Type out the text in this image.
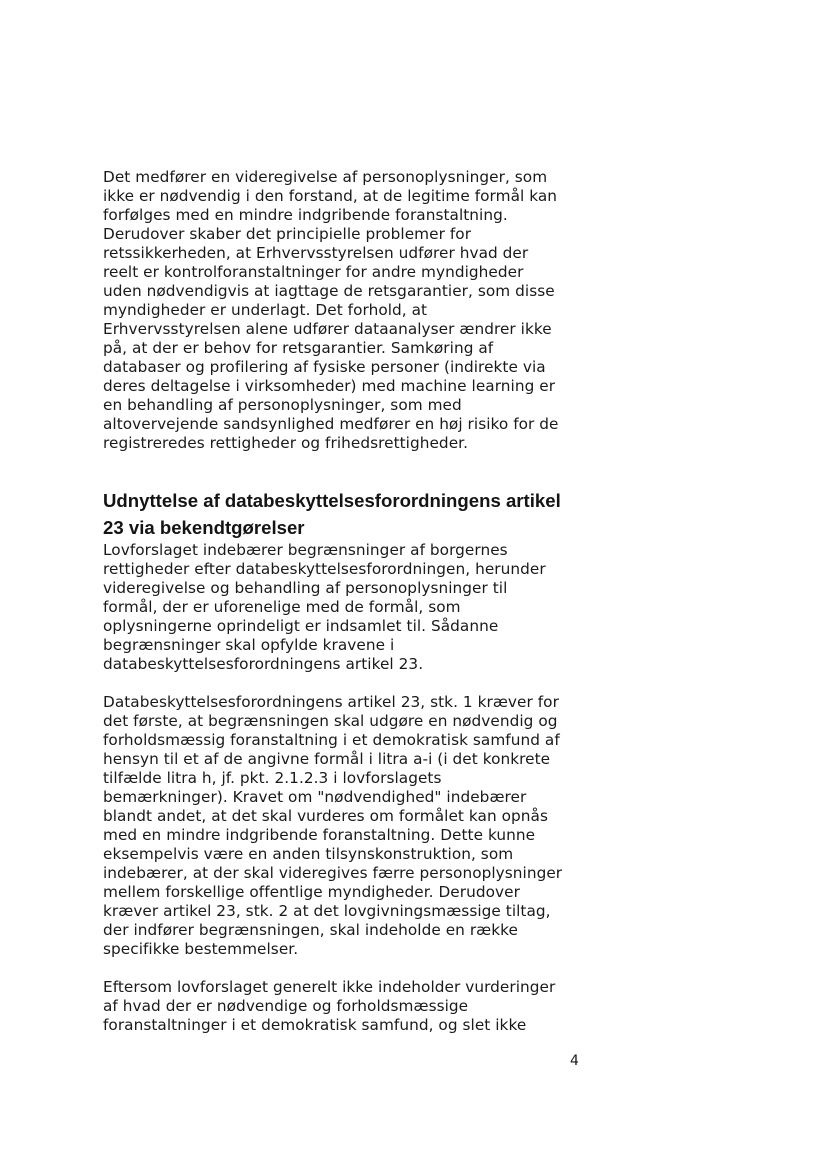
Det medfører en videregivelse af personoplysninger, som
ikke er nødvendig i den forstand, at de legitime formål kan
forfølges med en mindre indgribende foranstaltning.
Derudover skaber det principielle problemer for
retssikkerheden, at Erhvervsstyrelsen udfører hvad der
reelt er kontrolforanstaltninger for andre myndigheder
uden nødvendigvis at iagttage de retsgarantier, som disse
myndigheder er underlagt. Det forhold, at
Erhvervsstyrelsen alene udfører dataanalyser ændrer ikke
på, at der er behov for retsgarantier. Samkøring af
databaser og profilering af fysiske personer (indirekte via
deres deltagelse i virksomheder) med machine learning er
en behandling af personoplysninger, som med
altovervejende sandsynlighed medfører en høj risiko for de
registreredes rettigheder og frihedsrettigheder.
Udnyttelse af databeskyttelsesforordningens artikel
23 via bekendtgørelser
Lovforslaget indebærer begrænsninger af borgernes
rettigheder efter databeskyttelsesforordningen, herunder
videregivelse og behandling af personoplysninger til
formål, der er uforenelige med de formål, som
oplysningerne oprindeligt er indsamlet til. Sådanne
begrænsninger skal opfylde kravene i
databeskyttelsesforordningens artikel 23.
Databeskyttelsesforordningens artikel 23, stk. 1 kræver for
det første, at begrænsningen skal udgøre en nødvendig og
forholdsmæssig foranstaltning i et demokratisk samfund af
hensyn til et af de angivne formål i litra a-i (i det konkrete
tilfælde litra h, jf. pkt. 2.1.2.3 i lovforslagets
bemærkninger). Kravet om "nødvendighed" indebærer
blandt andet, at det skal vurderes om formålet kan opnås
med en mindre indgribende foranstaltning. Dette kunne
eksempelvis være en anden tilsynskonstruktion, som
indebærer, at der skal videregives færre personoplysninger
mellem forskellige offentlige myndigheder. Derudover
kræver artikel 23, stk. 2 at det lovgivningsmæssige tiltag,
der indfører begrænsningen, skal indeholde en række
specifikke bestemmelser.
Eftersom lovforslaget generelt ikke indeholder vurderinger
af hvad der er nødvendige og forholdsmæssige
foranstaltninger i et demokratisk samfund, og slet ikke
4
